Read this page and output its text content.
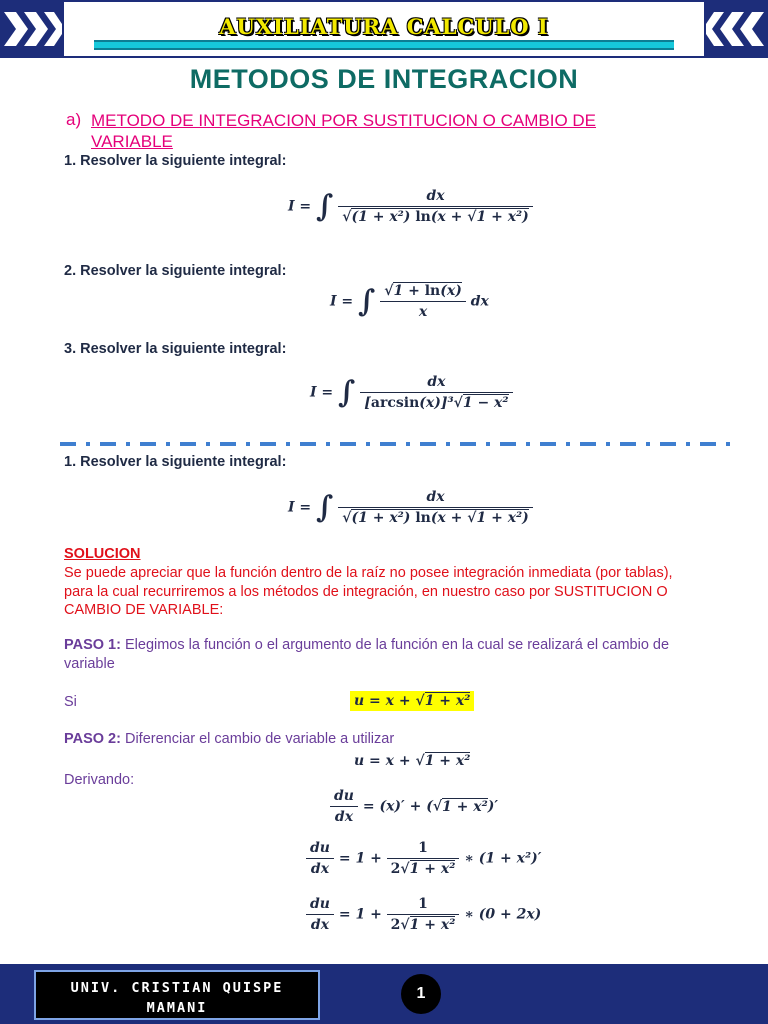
AUXILIATURA CALCULO I
METODOS DE INTEGRACION
a) METODO DE INTEGRACION POR SUSTITUCION O CAMBIO DE VARIABLE
1. Resolver la siguiente integral:
I = ∫ $\frac{dx}{\text{√(1 + x²) ln(x + √1 + x²)}}$
2. Resolver la siguiente integral:
I = ∫ $\frac{√1 + \ln(x)}{x}$ dx
3. Resolver la siguiente integral:
I = ∫ $\frac{dx}{\text{[arcsin(x)]³√1 − x²}}$
1. Resolver la siguiente integral:
I = ∫ $\frac{dx}{\text{√(1 + x²) ln(x + √1 + x²)}}$
SOLUCION
Se puede apreciar que la función dentro de la raíz no posee integración inmediata (por tablas), para la cual recurriremos a los métodos de integración, en nuestro caso por SUSTITUCION O CAMBIO DE VARIABLE:
PASO 1: Elegimos la función o el argumento de la función en la cual se realizará el cambio de variable
Si	u = x + √1 + x²
PASO 2: Diferenciar el cambio de variable a utilizar
u = x + √1 + x²
Derivando:
$\frac{du}{dx} = (x)' + (√1 + x^2)'$
$\frac{du}{dx} = 1 + \frac{1}{\text{2√1 + x²}}$ ∗ (1 + x²)′
$\frac{du}{dx} = 1 + \frac{1}{\text{2√1 + x²}}$ ∗ (0 + 2x)
UNIV. CRISTIAN QUISPE
MAMANI
1
